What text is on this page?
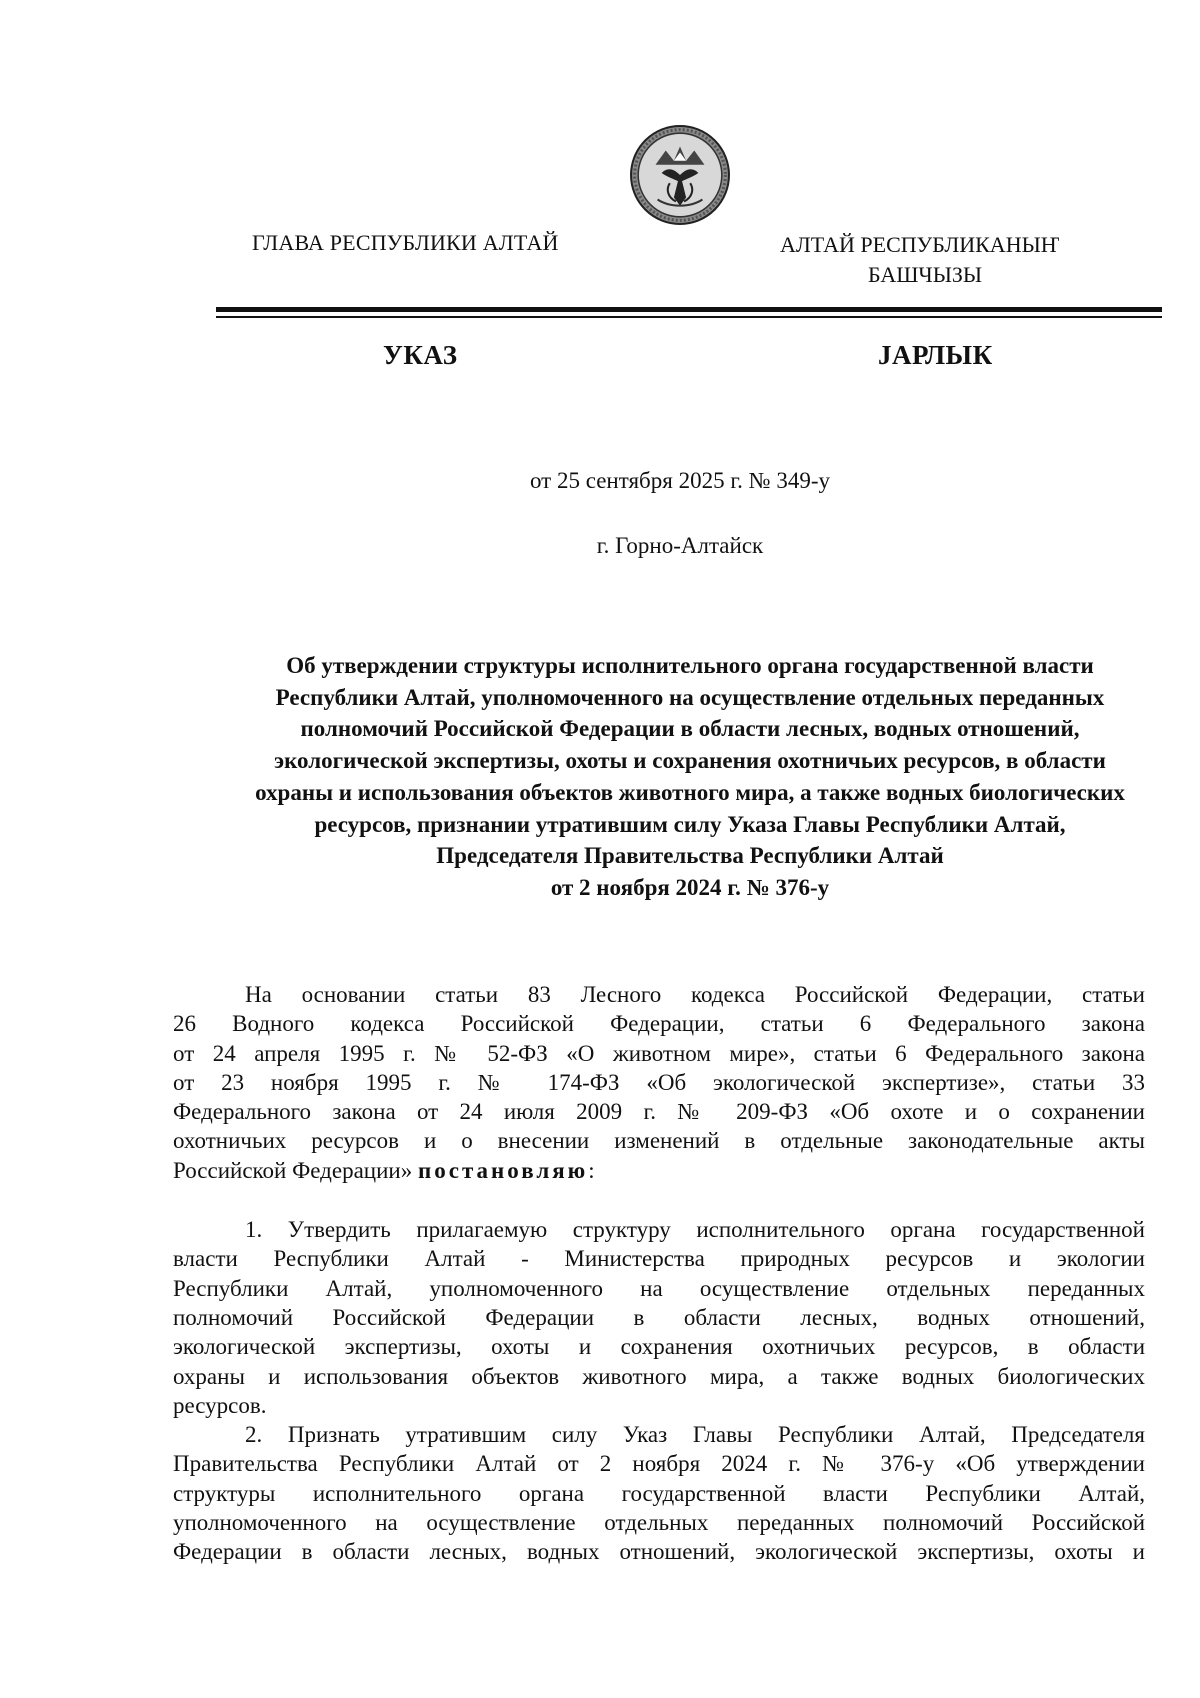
ГЛАВА РЕСПУБЛИКИ АЛТАЙ	АЛТАЙ РЕСПУБЛИКАНЫҤ
БАШЧЫЗЫ
УКАЗ	ЈАРЛЫК
от 25 сентября 2025 г. № 349-у
г. Горно-Алтайск
Об утверждении структуры исполнительного органа государственной власти
Республики Алтай, уполномоченного на осуществление отдельных переданных
полномочий Российской Федерации в области лесных, водных отношений,
экологической экспертизы, охоты и сохранения охотничьих ресурсов, в области
охраны и использования объектов животного мира, а также водных биологических
ресурсов, признании утратившим силу Указа Главы Республики Алтай,
Председателя Правительства Республики Алтай
от 2 ноября 2024 г. № 376-у
На основании статьи 83 Лесного кодекса Российской Федерации, статьи
26 Водного кодекса Российской Федерации, статьи 6 Федерального закона
от 24 апреля 1995 г. № 52-ФЗ «О животном мире», статьи 6 Федерального закона
от 23 ноября 1995 г. № 174-ФЗ «Об экологической экспертизе», статьи 33
Федерального закона от 24 июля 2009 г. № 209-ФЗ «Об охоте и о сохранении
охотничьих ресурсов и о внесении изменений в отдельные законодательные акты
Российской Федерации» постановляю:
1. Утвердить прилагаемую структуру исполнительного органа государственной
власти Республики Алтай - Министерства природных ресурсов и экологии
Республики Алтай, уполномоченного на осуществление отдельных переданных
полномочий Российской Федерации в области лесных, водных отношений,
экологической экспертизы, охоты и сохранения охотничьих ресурсов, в области
охраны и использования объектов животного мира, а также водных биологических
ресурсов.
2. Признать утратившим силу Указ Главы Республики Алтай, Председателя
Правительства Республики Алтай от 2 ноября 2024 г. № 376-у «Об утверждении
структуры исполнительного органа государственной власти Республики Алтай,
уполномоченного на осуществление отдельных переданных полномочий Российской
Федерации в области лесных, водных отношений, экологической экспертизы, охоты и
